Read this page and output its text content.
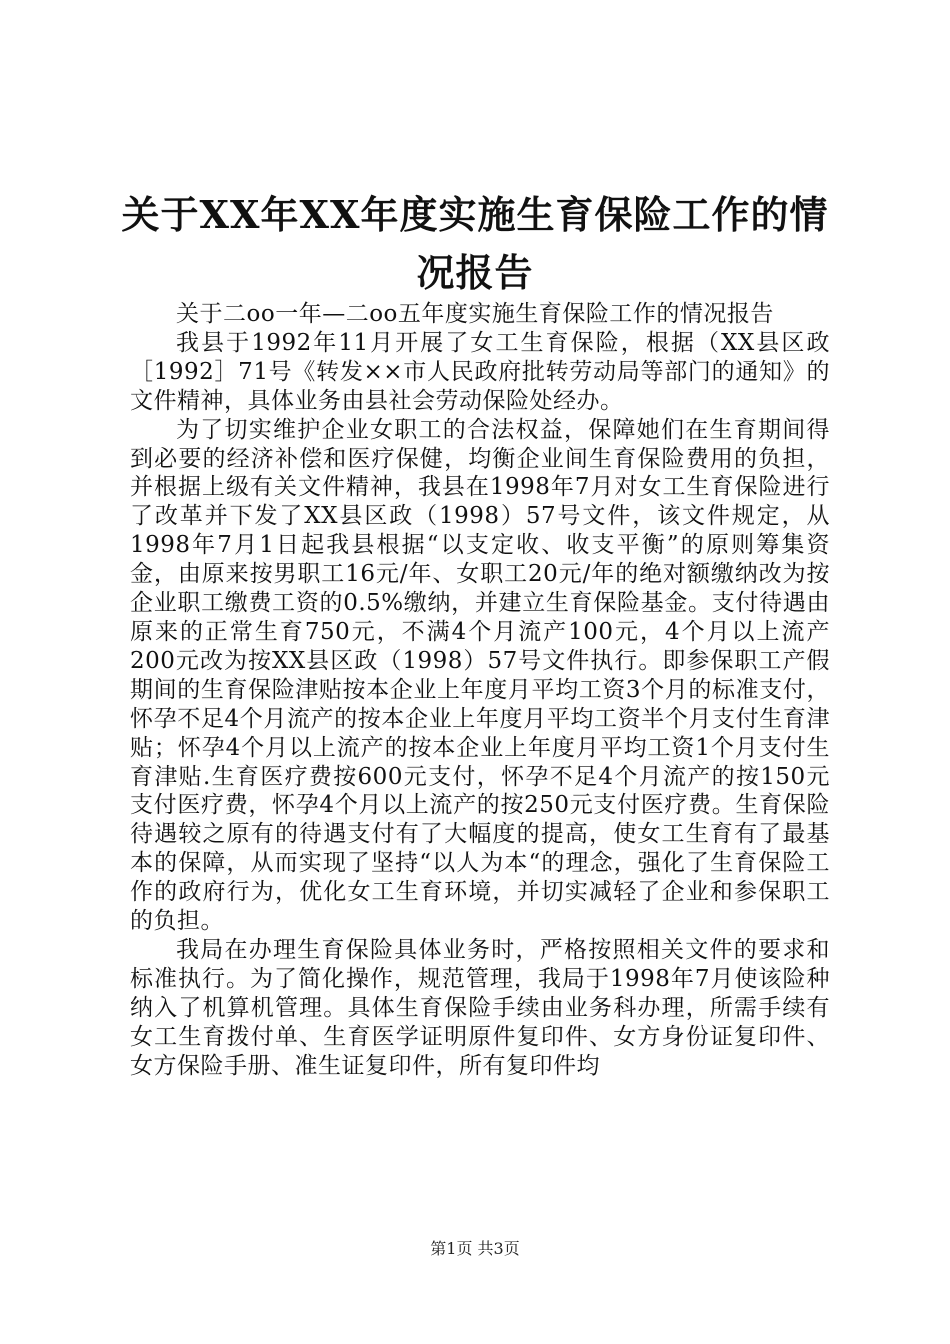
关于XX年XX年度实施生育保险工作的情况报告

关于二oo一年—二oo五年度实施生育保险工作的情况报告

我县于1992年11月开展了女工生育保险，根据（XX县区政［1992］71号《转发××市人民政府批转劳动局等部门的通知》的文件精神，具体业务由县社会劳动保险处经办。

为了切实维护企业女职工的合法权益，保障她们在生育期间得到必要的经济补偿和医疗保健，均衡企业间生育保险费用的负担，并根据上级有关文件精神，我县在1998年7月对女工生育保险进行了改革并下发了XX县区政（1998）57号文件，该文件规定，从1998年7月1日起我县根据“以支定收、收支平衡”的原则筹集资金，由原来按男职工16元/年、女职工20元/年的绝对额缴纳改为按企业职工缴费工资的0.5%缴纳，并建立生育保险基金。支付待遇由原来的正常生育750元，不满4个月流产100元，4个月以上流产200元改为按XX县区政（1998）57号文件执行。即参保职工产假期间的生育保险津贴按本企业上年度月平均工资3个月的标准支付，怀孕不足4个月流产的按本企业上年度月平均工资半个月支付生育津贴；怀孕4个月以上流产的按本企业上年度月平均工资1个月支付生育津贴.生育医疗费按600元支付，怀孕不足4个月流产的按150元支付医疗费，怀孕4个月以上流产的按250元支付医疗费。生育保险待遇较之原有的待遇支付有了大幅度的提高，使女工生育有了最基本的保障，从而实现了坚持“以人为本“的理念，强化了生育保险工作的政府行为，优化女工生育环境，并切实减轻了企业和参保职工的负担。

我局在办理生育保险具体业务时，严格按照相关文件的要求和标准执行。为了简化操作，规范管理，我局于1998年7月使该险种纳入了机算机管理。具体生育保险手续由业务科办理，所需手续有女工生育拨付单、生育医学证明原件复印件、女方身份证复印件、女方保险手册、准生证复印件，所有复印件均

第1页 共3页
